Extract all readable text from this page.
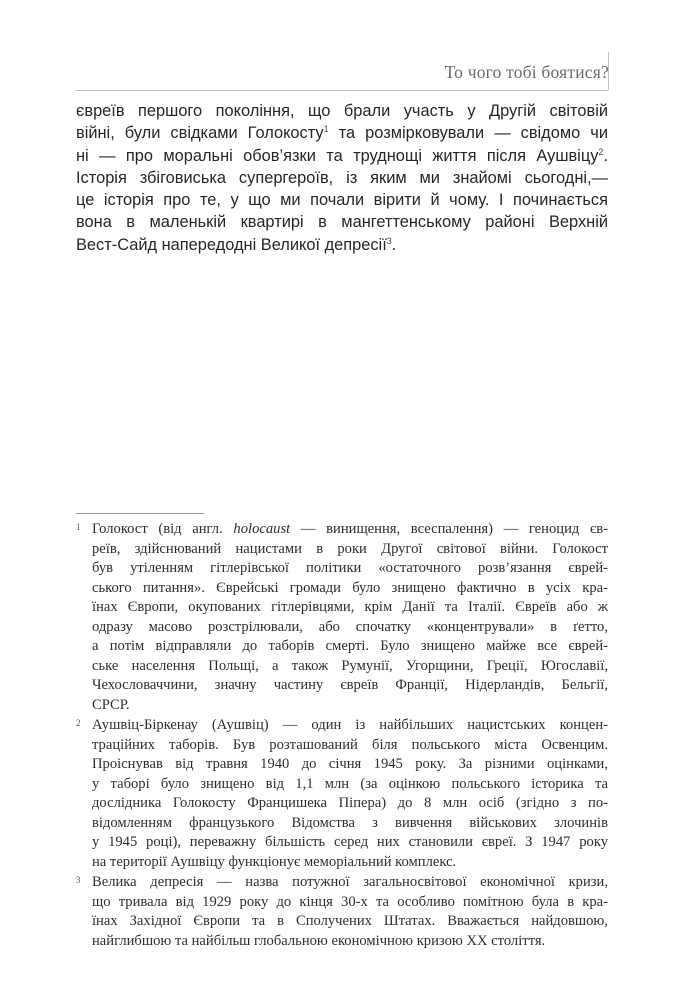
То чого тобі боятися?
євреїв першого покоління, що брали участь у Другій світовій
війні, були свідками Голокосту$^1$ та розмірковували — свідомо чи
ні — про моральні обов’язки та труднощі життя після Аушвіцу$^2$.
Історія збіговиська супергероїв, із яким ми знайомі сьогодні,—
це історія про те, у що ми почали вірити й чому. І починається
вона в маленькій квартирі в мангеттенському районі Верхній
Вест-Сайд напередодні Великої депресії$^3$.
1 Голокост (від англ. holocaust — винищення, всеспалення) — геноцид єв-
реїв, здійснюваний нацистами в роки Другої світової війни. Голокост
був утіленням гітлерівської політики «остаточного розв’язання єврей-
ського питання». Єврейські громади було знищено фактично в усіх кра-
їнах Європи, окупованих гітлерівцями, крім Данії та Італії. Євреїв або ж
одразу масово розстрілювали, або спочатку «концентрували» в ґетто,
а потім відправляли до таборів смерті. Було знищено майже все єврей-
ське населення Польщі, а також Румунії, Угорщини, Греції, Югославії,
Чехословаччини, значну частину євреїв Франції, Нідерландів, Бельгії,
СРСР.
2 Аушвіц-Біркенау (Аушвіц) — один із найбільших нацистських концен-
траційних таборів. Був розташований біля польського міста Освенцим.
Проіснував від травня 1940 до січня 1945 року. За різними оцінками,
у таборі було знищено від 1,1 млн (за оцінкою польського історика та
дослідника Голокосту Францишека Піпера) до 8 млн осіб (згідно з по-
відомленням французького Відомства з вивчення військових злочинів
у 1945 році), переважну більшість серед них становили євреї. З 1947 року
на території Аушвіцу функціонує меморіальний комплекс.
3 Велика депресія — назва потужної загальносвітової економічної кризи,
що тривала від 1929 року до кінця 30-х та особливо помітною була в кра-
їнах Західної Європи та в Сполучених Штатах. Вважається найдовшою,
найглибшою та найбільш глобальною економічною кризою XX століття.
